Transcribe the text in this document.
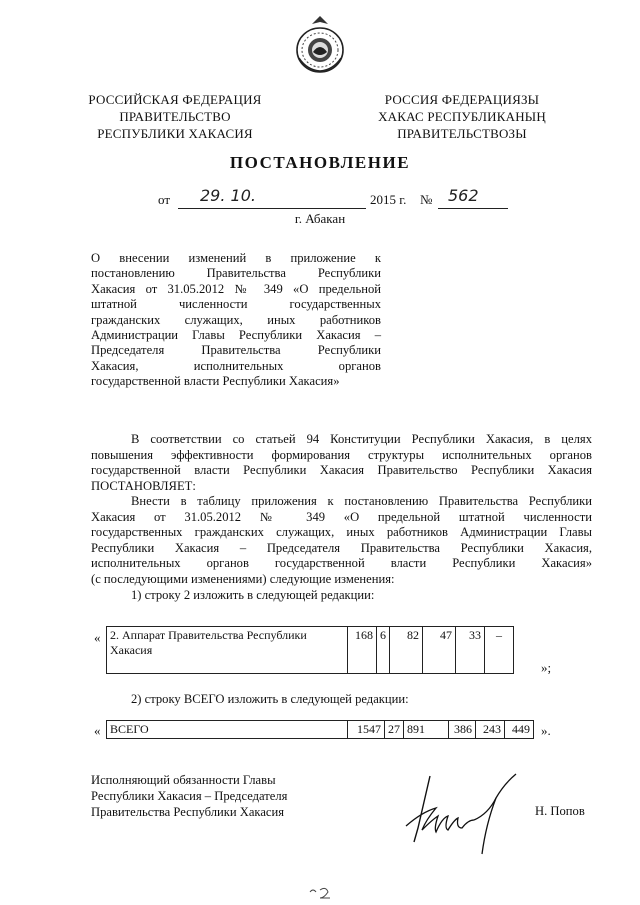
РОССИЙСКАЯ ФЕДЕРАЦИЯ
ПРАВИТЕЛЬСТВО
РЕСПУБЛИКИ ХАКАСИЯ
РОССИЯ ФЕДЕРАЦИЯЗЫ
ХАКАС РЕСПУБЛИКАНЫҢ
ПРАВИТЕЛЬСТВОЗЫ
ПОСТАНОВЛЕНИЕ
от 29. 10.	2015 г. № 562
г. Абакан

О внесении изменений в приложение к

постановлению Правительства Республики

Хакасия от 31.05.2012 № 349 «О предельной

штатной численности государственных

гражданских служащих, иных работников

Администрации Главы Республики Хакасия –

Председателя Правительства Республики

Хакасия, исполнительных органов

государственной власти Республики Хакасия»

В соответствии со статьей 94 Конституции Республики Хакасия, в целях

повышения эффективности формирования структуры исполнительных органов

государственной власти Республики Хакасия Правительство Республики Хакасия

ПОСТАНОВЛЯЕТ:

Внести в таблицу приложения к постановлению Правительства Республики

Хакасия от 31.05.2012 № 349 «О предельной штатной численности

государственных гражданских служащих, иных работников Администрации Главы

Республики Хакасия – Председателя Правительства Республики Хакасия,

исполнительных органов государственной власти Республики Хакасия»

(с последующими изменениями) следующие изменения:

1) строку 2 изложить в следующей редакции:

« 2. Аппарат Правительства Республики Хакасия	168	6	82	47	33	–
»;

2) строку ВСЕГО изложить в следующей редакции:

« ВСЕГО	1547	27	891	386	243	449 ».
Исполняющий обязанности Главы
Республики Хакасия – Председателя
Правительства Республики Хакасия	Н. Попов
